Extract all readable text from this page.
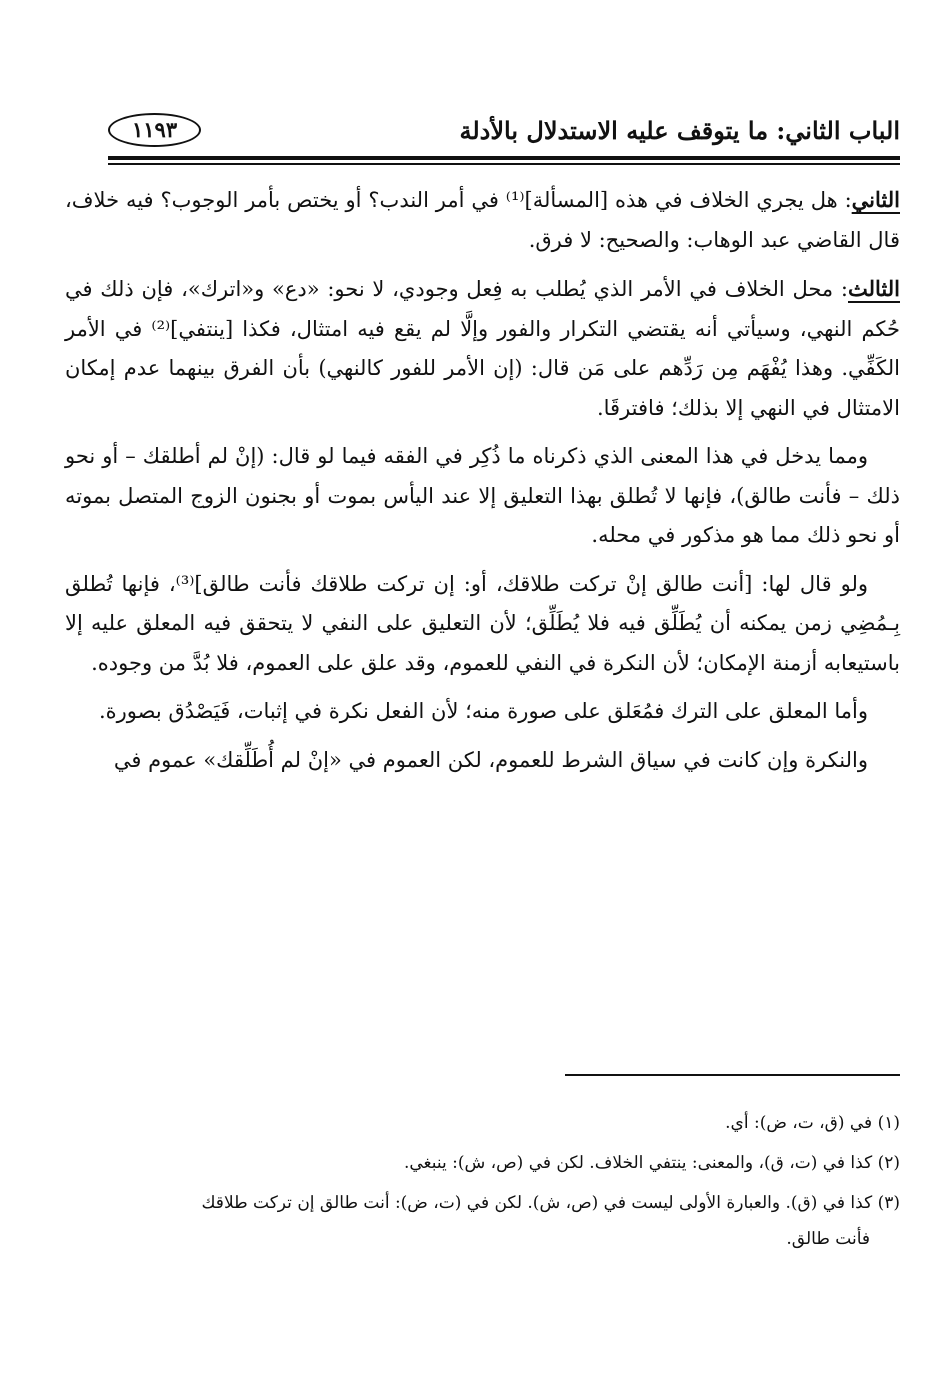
الباب الثاني: ما يتوقف عليه الاستدلال بالأدلة
١١٩٣

الثاني: هل يجري الخلاف في هذه [المسألة]⁽¹⁾ في أمر الندب؟ أو يختص بأمر الوجوب؟ فيه خلاف، قال القاضي عبد الوهاب: والصحيح: لا فرق.

الثالث: محل الخلاف في الأمر الذي يُطلب به فِعل وجودي، لا نحو: «دع» و«اترك»، فإن ذلك في حُكم النهي، وسيأتي أنه يقتضي التكرار والفور وإلَّا لم يقع فيه امتثال، فكذا [ينتفي]⁽²⁾ في الأمر الكَفِّي. وهذا يُفْهَم مِن رَدِّهم على مَن قال: (إن الأمر للفور كالنهي) بأن الفرق بينهما عدم إمكان الامتثال في النهي إلا بذلك؛ فافترقَا.

ومما يدخل في هذا المعنى الذي ذكرناه ما ذُكِر في الفقه فيما لو قال: (إنْ لم أطلقك – أو نحو ذلك – فأنت طالق)، فإنها لا تُطلق بهذا التعليق إلا عند اليأس بموت أو بجنون الزوج المتصل بموته أو نحو ذلك مما هو مذكور في محله.

ولو قال لها: [أنت طالق إنْ تركت طلاقك، أو: إن تركت طلاقك فأنت طالق]⁽³⁾، فإنها تُطلق بِـمُضِي زمن يمكنه أن يُطَلِّق فيه فلا يُطَلِّق؛ لأن التعليق على النفي لا يتحقق فيه المعلق عليه إلا باستيعابه أزمنة الإمكان؛ لأن النكرة في النفي للعموم، وقد علق على العموم، فلا بُدَّ من وجوده.

وأما المعلق على الترك فمُعَلق على صورة منه؛ لأن الفعل نكرة في إثبات، فَيَصْدُق بصورة.

والنكرة وإن كانت في سياق الشرط للعموم، لكن العموم في «إنْ لم أُطَلِّقك» عموم في

(١) في (ق، ت، ض): أي.

(٢) كذا في (ت، ق)، والمعنى: ينتفي الخلاف. لكن في (ص، ش): ينبغي.

(٣) كذا في (ق). والعبارة الأولى ليست في (ص، ش). لكن في (ت، ض): أنت طالق إن تركت طلاقك
فأنت طالق.
